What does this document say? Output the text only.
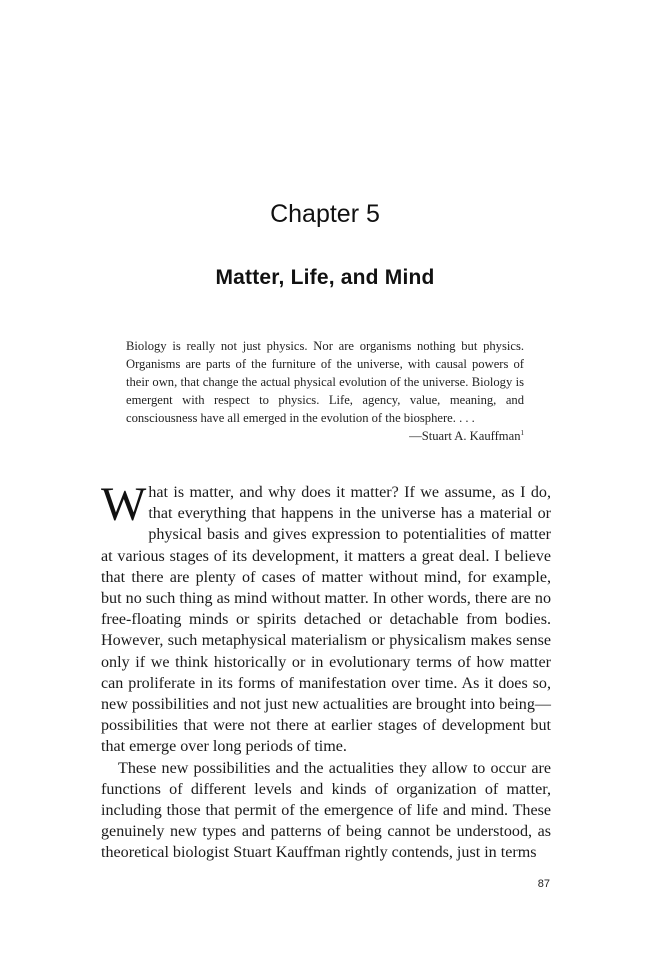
Chapter 5
Matter, Life, and Mind

Biology is really not just physics. Nor are organisms nothing but physics. Organisms are parts of the furniture of the universe, with causal powers of their own, that change the actual physical evolution of the universe. Biology is emergent with respect to physics. Life, agency, value, meaning, and consciousness have all emerged in the evolution of the biosphere. . . .

—Stuart A. Kauffman$^1$

What is matter, and why does it matter? If we assume, as I do, that everything that happens in the universe has a material or physical basis and gives expression to potentialities of matter at various stages of its development, it matters a great deal. I believe that there are plenty of cases of matter without mind, for example, but no such thing as mind without matter. In other words, there are no free-floating minds or spirits detached or detachable from bodies. However, such metaphysical materialism or physicalism makes sense only if we think historically or in evolutionary terms of how matter can proliferate in its forms of manifestation over time. As it does so, new possibilities and not just new actualities are brought into being—possibilities that were not there at earlier stages of development but that emerge over long periods of time.

These new possibilities and the actualities they allow to occur are functions of different levels and kinds of organization of matter, including those that permit of the emergence of life and mind. These genuinely new types and patterns of being cannot be understood, as theoretical biologist Stuart Kauffman rightly contends, just in terms

87
